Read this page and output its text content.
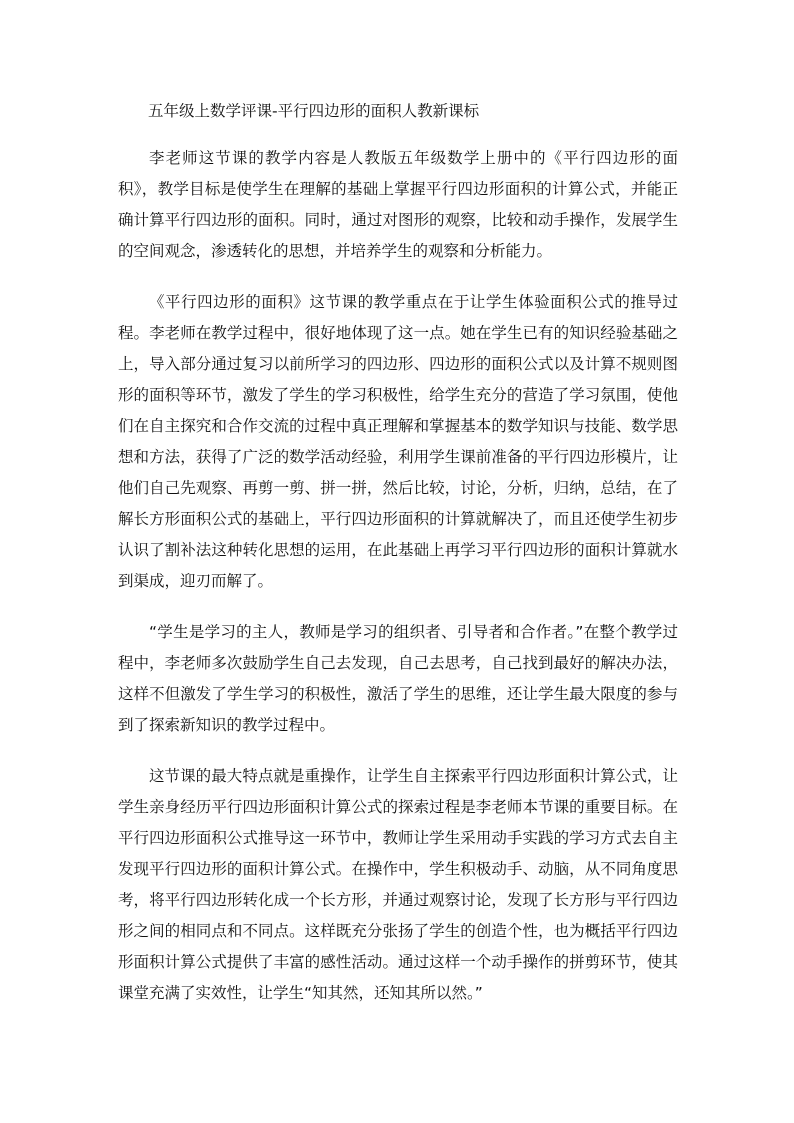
五年级上数学评课-平行四边形的面积人教新课标

李老师这节课的教学内容是人教版五年级数学上册中的《平行四边形的面积》，教学目标是使学生在理解的基础上掌握平行四边形面积的计算公式，并能正确计算平行四边形的面积。同时，通过对图形的观察，比较和动手操作，发展学生的空间观念，渗透转化的思想，并培养学生的观察和分析能力。

《平行四边形的面积》这节课的教学重点在于让学生体验面积公式的推导过程。李老师在教学过程中，很好地体现了这一点。她在学生已有的知识经验基础之上，导入部分通过复习以前所学习的四边形、四边形的面积公式以及计算不规则图形的面积等环节，激发了学生的学习积极性，给学生充分的营造了学习氛围，使他们在自主探究和合作交流的过程中真正理解和掌握基本的数学知识与技能、数学思想和方法，获得了广泛的数学活动经验，利用学生课前准备的平行四边形模片，让他们自己先观察、再剪一剪、拼一拼，然后比较，讨论，分析，归纳，总结，在了解长方形面积公式的基础上，平行四边形面积的计算就解决了，而且还使学生初步认识了割补法这种转化思想的运用，在此基础上再学习平行四边形的面积计算就水到渠成，迎刃而解了。

“学生是学习的主人，教师是学习的组织者、引导者和合作者。”在整个教学过程中，李老师多次鼓励学生自己去发现，自己去思考，自己找到最好的解决办法，这样不但激发了学生学习的积极性，激活了学生的思维，还让学生最大限度的参与到了探索新知识的教学过程中。

这节课的最大特点就是重操作，让学生自主探索平行四边形面积计算公式，让学生亲身经历平行四边形面积计算公式的探索过程是李老师本节课的重要目标。在平行四边形面积公式推导这一环节中，教师让学生采用动手实践的学习方式去自主发现平行四边形的面积计算公式。在操作中，学生积极动手、动脑，从不同角度思考，将平行四边形转化成一个长方形，并通过观察讨论，发现了长方形与平行四边形之间的相同点和不同点。这样既充分张扬了学生的创造个性，也为概括平行四边形面积计算公式提供了丰富的感性活动。通过这样一个动手操作的拼剪环节，使其课堂充满了实效性，让学生“知其然，还知其所以然。”
